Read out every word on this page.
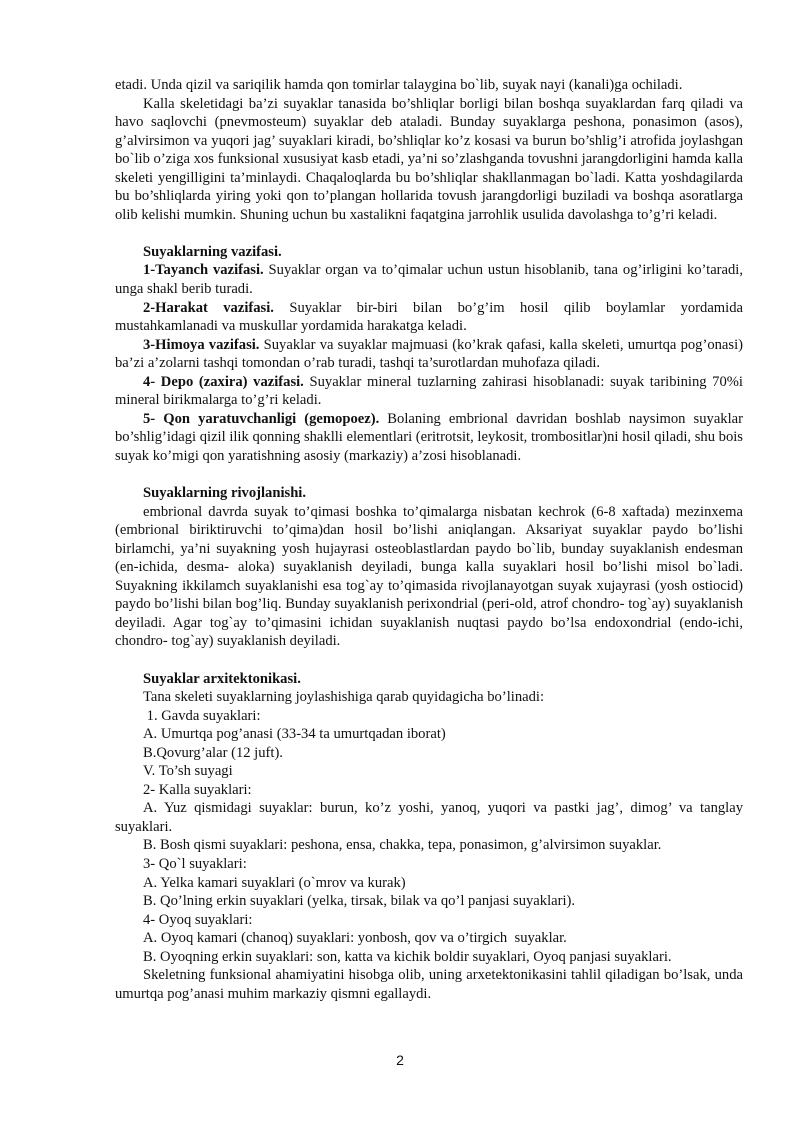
etadi. Unda qizil va sariqilik hamda qon tomirlar talaygina bo`lib, suyak nayi (kanali)ga ochiladi.

Kalla skeletidagi ba’zi suyaklar tanasida bo’shliqlar borligi bilan boshqa suyaklardan farq qiladi va havo saqlovchi (pnevmosteum) suyaklar deb ataladi. Bunday suyaklarga peshona, ponasimon (asos), g’alvirsimon va yuqori jag’ suyaklari kiradi, bo’shliqlar ko’z kosasi va burun bo’shlig’i atrofida joylashgan bo`lib o’ziga xos funksional xususiyat kasb etadi, ya’ni so’zlashganda tovushni jarangdorligini hamda kalla skeleti yengilligini ta’minlaydi. Chaqaloqlarda bu bo’shliqlar shakllanmagan bo`ladi. Katta yoshdagilarda bu bo’shliqlarda yiring yoki qon to’plangan hollarida tovush jarangdorligi buziladi va boshqa asoratlarga olib kelishi mumkin. Shuning uchun bu xastalikni faqatgina jarrohlik usulida davolashga to’g’ri keladi.

Suyaklarning vazifasi.

1-Tayanch vazifasi. Suyaklar organ va to’qimalar uchun ustun hisoblanib, tana og’irligini ko’taradi, unga shakl berib turadi.

2-Harakat vazifasi. Suyaklar bir-biri bilan bo’g’im hosil qilib boylamlar yordamida mustahkamlanadi va muskullar yordamida harakatga keladi.

3-Himoya vazifasi. Suyaklar va suyaklar majmuasi (ko’krak qafasi, kalla skeleti, umurtqa pog’onasi) ba’zi a’zolarni tashqi tomondan o’rab turadi, tashqi ta’surotlardan muhofaza qiladi.

4- Depo (zaxira) vazifasi. Suyaklar mineral tuzlarning zahirasi hisoblanadi: suyak taribining 70%i mineral birikmalarga to’g’ri keladi.

5- Qon yaratuvchanligi (gemopoez). Bolaning embrional davridan boshlab naysimon suyaklar bo’shlig’idagi qizil ilik qonning shaklli elementlari (eritrotsit, leykosit, trombositlar)ni hosil qiladi, shu bois suyak ko’migi qon yaratishning asosiy (markaziy) a’zosi hisoblanadi.

Suyaklarning rivojlanishi.

embrional davrda suyak to’qimasi boshka to’qimalarga nisbatan kechrok (6-8 xaftada) mezinxema (embrional biriktiruvchi to’qima)dan hosil bo’lishi aniqlangan. Aksariyat suyaklar paydo bo’lishi birlamchi, ya’ni suyakning yosh hujayrasi osteoblastlardan paydo bo`lib, bunday suyaklanish endesman (en-ichida, desma- aloka) suyaklanish deyiladi, bunga kalla suyaklari hosil bo’lishi misol bo`ladi. Suyakning ikkilamch suyaklanishi esa tog`ay to’qimasida rivojlanayotgan suyak xujayrasi (yosh ostiocid) paydo bo’lishi bilan bog’liq. Bunday suyaklanish perixondrial (peri-old, atrof chondro- tog`ay) suyaklanish deyiladi. Agar tog`ay to’qimasini ichidan suyaklanish nuqtasi paydo bo’lsa endoxondrial (endo-ichi, chondro- tog`ay) suyaklanish deyiladi.

Suyaklar arxitektonikasi.

Tana skeleti suyaklarning joylashishiga qarab quyidagicha bo’linadi:

1. Gavda suyaklari:

A. Umurtqa pog’anasi (33-34 ta umurtqadan iborat)

B.Qovurg’alar (12 juft).

V. To’sh suyagi

2- Kalla suyaklari:

A. Yuz qismidagi suyaklar: burun, ko’z yoshi, yanoq, yuqori va pastki jag’, dimog’ va tanglay suyaklari.

B. Bosh qismi suyaklari: peshona, ensa, chakka, tepa, ponasimon, g’alvirsimon suyaklar.

3- Qo`l suyaklari:

A. Yelka kamari suyaklari (o`mrov va kurak)

B. Qo’lning erkin suyaklari (yelka, tirsak, bilak va qo’l panjasi suyaklari).

4- Oyoq suyaklari:

A. Oyoq kamari (chanoq) suyaklari: yonbosh, qov va o’tirgich  suyaklar.

B. Oyoqning erkin suyaklari: son, katta va kichik boldir suyaklari, Oyoq panjasi suyaklari.

Skeletning funksional ahamiyatini hisobga olib, uning arxetektonikasini tahlil qiladigan bo’lsak, unda umurtqa pog’anasi muhim markaziy qismni egallaydi.

2
